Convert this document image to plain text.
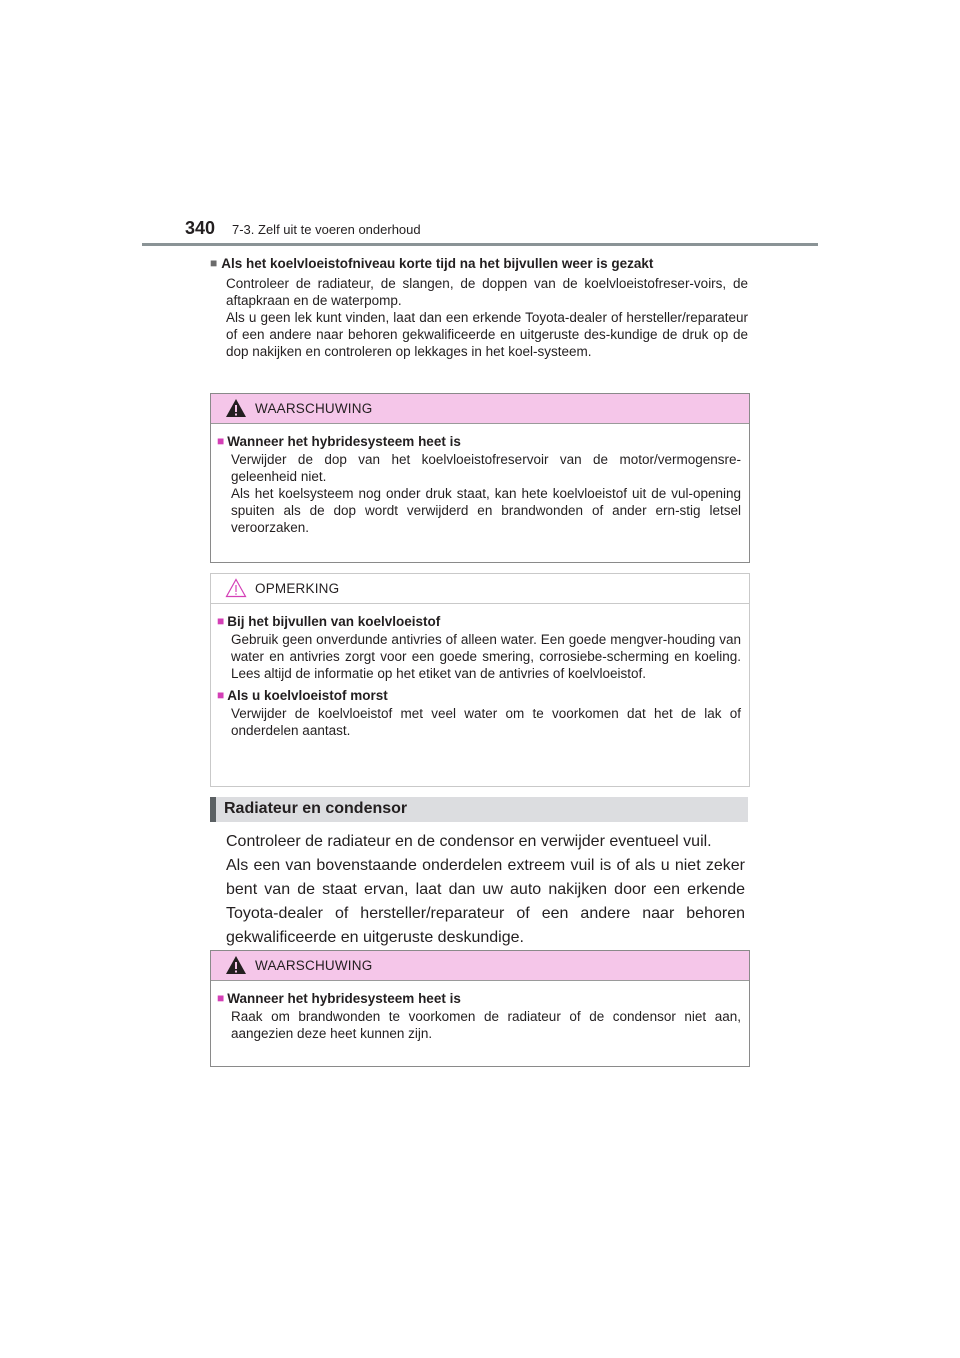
340 7-3. Zelf uit te voeren onderhoud
■ Als het koelvloeistofniveau korte tijd na het bijvullen weer is gezakt

Controleer de radiateur, de slangen, de doppen van de koelvloeistofreser-voirs, de aftapkraan en de waterpomp.

Als u geen lek kunt vinden, laat dan een erkende Toyota-dealer of hersteller/reparateur of een andere naar behoren gekwalificeerde en uitgeruste des-kundige de druk op de dop nakijken en controleren op lekkages in het koel-systeem.

WAARSCHUWING
■ Wanneer het hybridesysteem heet is

Verwijder de dop van het koelvloeistofreservoir van de motor/vermogensre-geleenheid niet.

Als het koelsysteem nog onder druk staat, kan hete koelvloeistof uit de vul-opening spuiten als de dop wordt verwijderd en brandwonden of ander ern-stig letsel veroorzaken.

OPMERKING
■ Bij het bijvullen van koelvloeistof

Gebruik geen onverdunde antivries of alleen water. Een goede mengver-houding van water en antivries zorgt voor een goede smering, corrosiebe-scherming en koeling. Lees altijd de informatie op het etiket van de antivries of koelvloeistof.

■ Als u koelvloeistof morst

Verwijder de koelvloeistof met veel water om te voorkomen dat het de lak of onderdelen aantast.

Radiateur en condensor

Controleer de radiateur en de condensor en verwijder eventueel vuil.

Als een van bovenstaande onderdelen extreem vuil is of als u niet zeker bent van de staat ervan, laat dan uw auto nakijken door een erkende Toyota-dealer of hersteller/reparateur of een andere naar behoren gekwalificeerde en uitgeruste deskundige.

WAARSCHUWING
■ Wanneer het hybridesysteem heet is

Raak om brandwonden te voorkomen de radiateur of de condensor niet aan, aangezien deze heet kunnen zijn.
